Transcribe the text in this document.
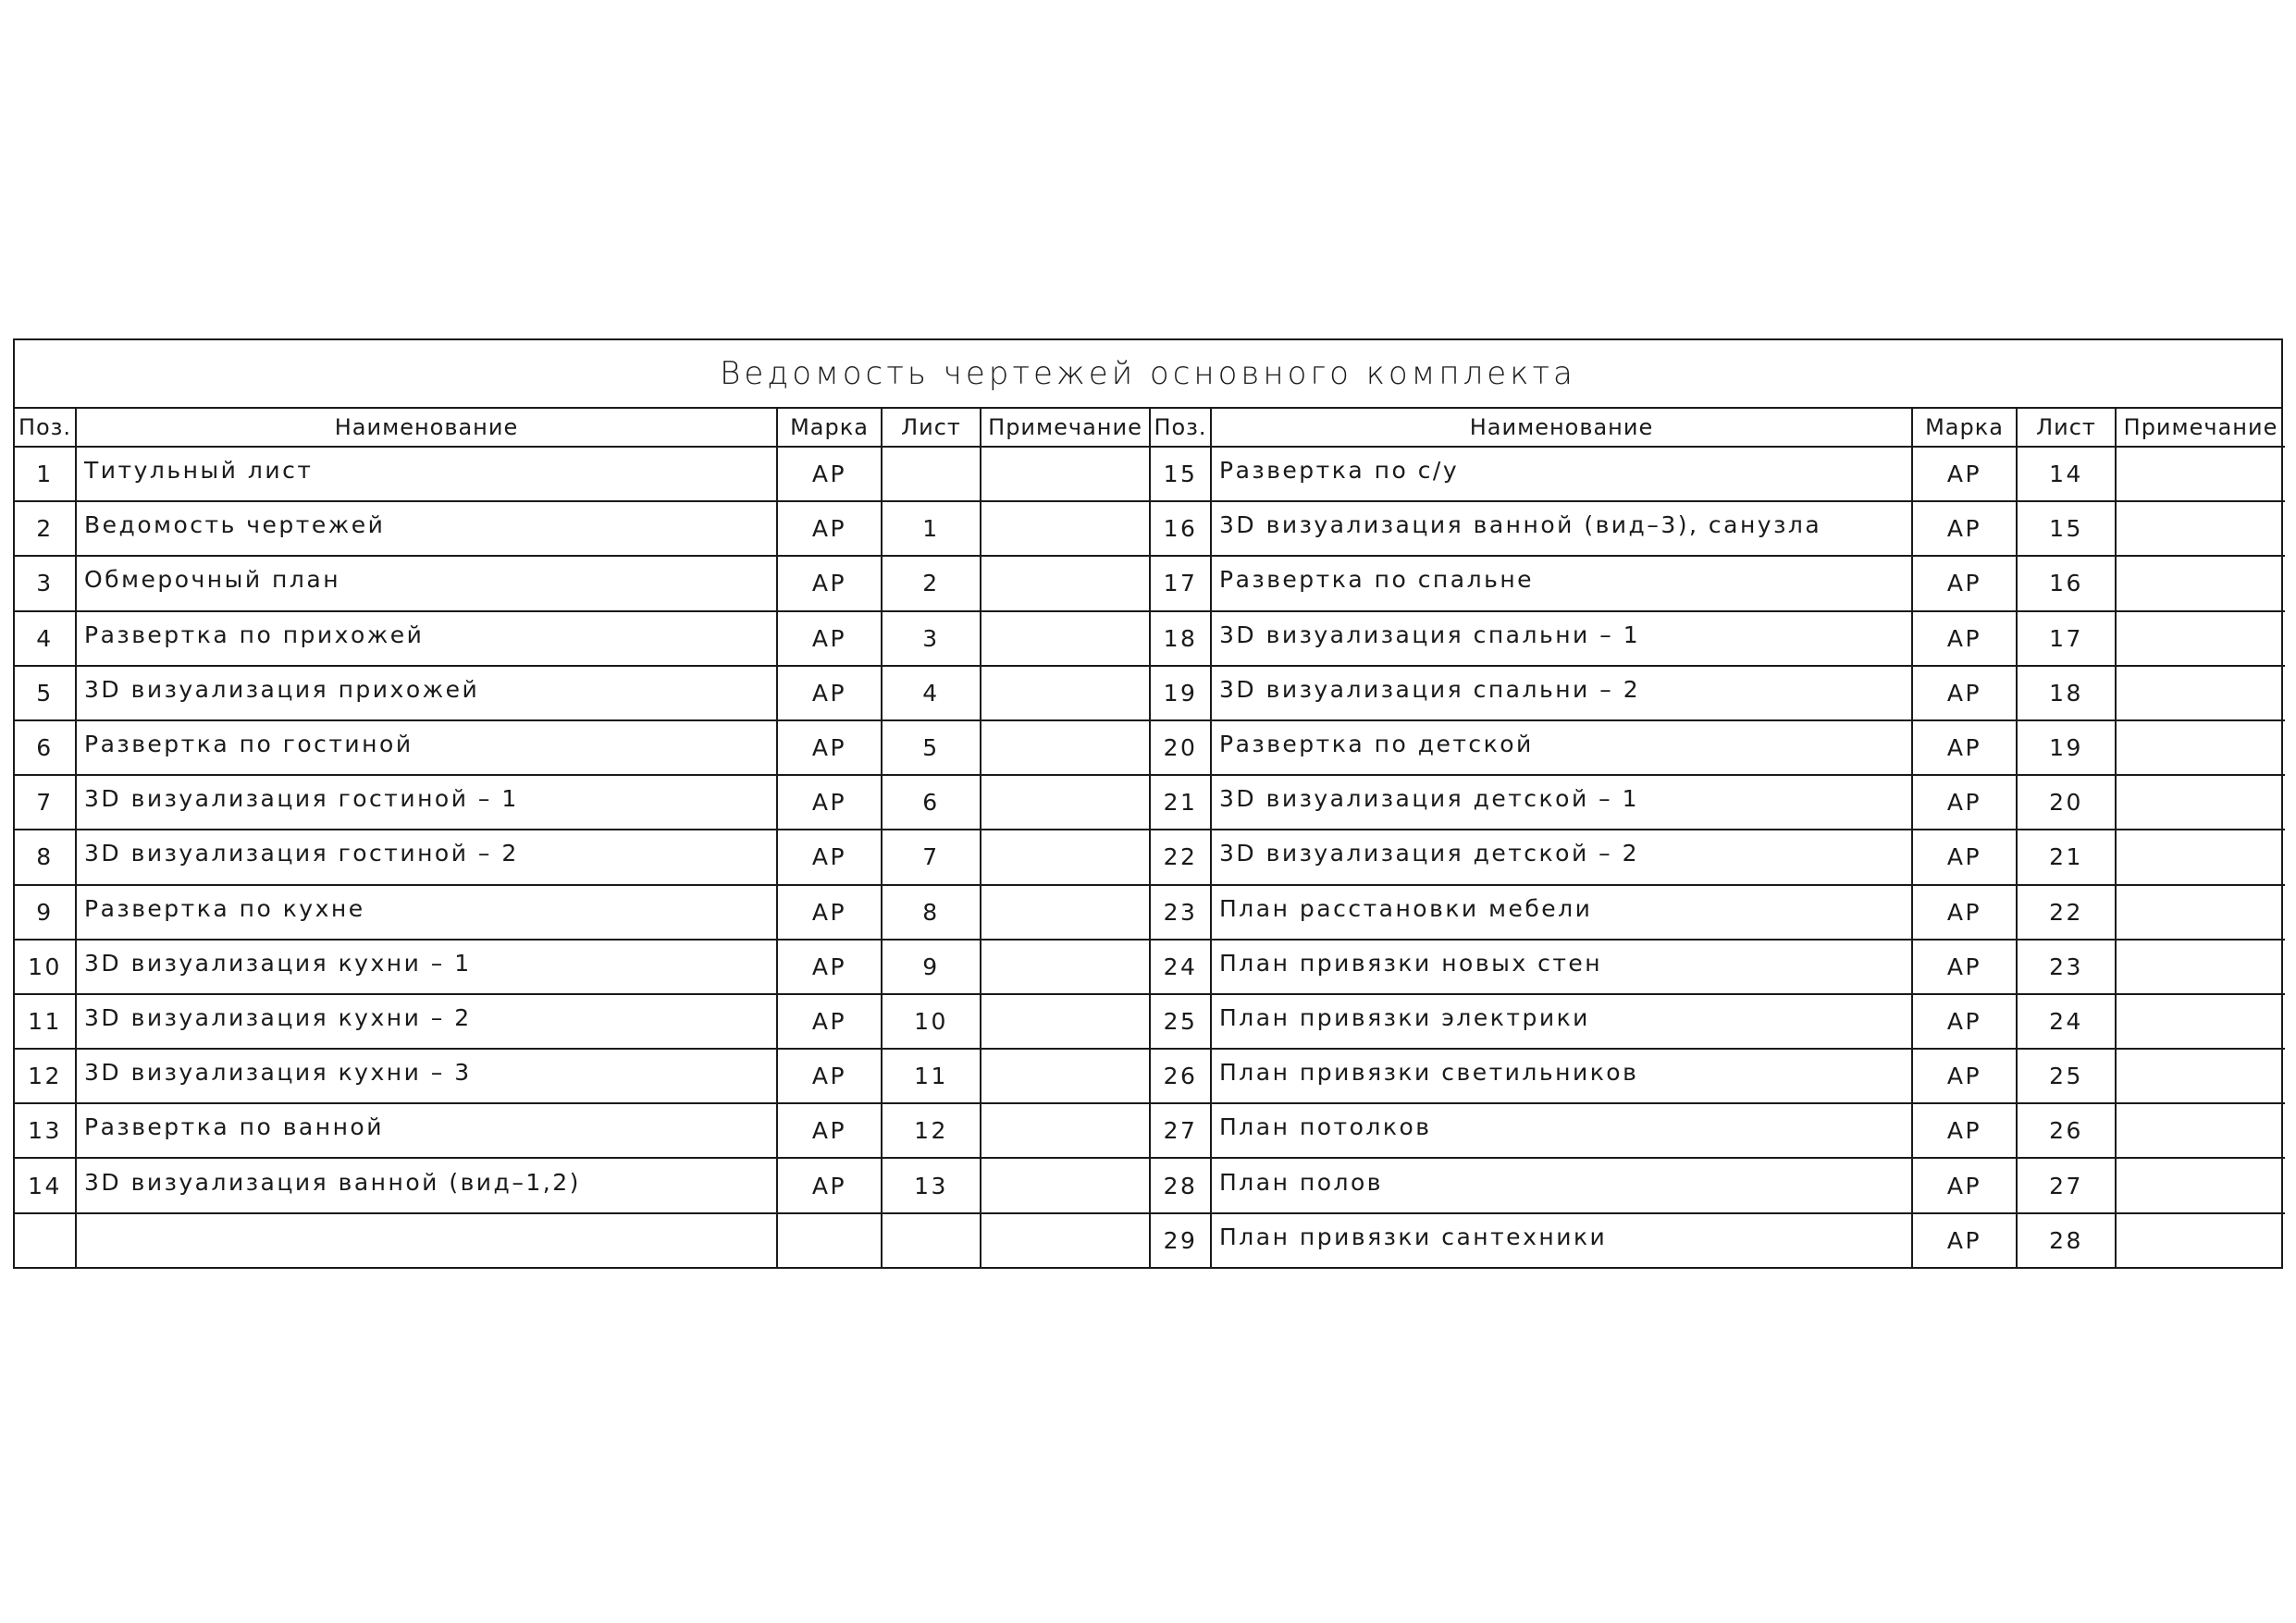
Ведомость чертежей основного комплекта
Поз.	Наименование	Марка	Лист	Примечание	Поз.	Наименование	Марка	Лист	Примечание
1	Титульный лист	АР			15	Развертка по с/у	АР	14	
2	Ведомость чертежей	АР	1		16	3D визуализация ванной (вид–3), санузла	АР	15	
3	Обмерочный план	АР	2		17	Развертка по спальне	АР	16	
4	Развертка по прихожей	АР	3		18	3D визуализация спальни – 1	АР	17	
5	3D визуализация прихожей	АР	4		19	3D визуализация спальни – 2	АР	18	
6	Развертка по гостиной	АР	5		20	Развертка по детской	АР	19	
7	3D визуализация гостиной – 1	АР	6		21	3D визуализация детской – 1	АР	20	
8	3D визуализация гостиной – 2	АР	7		22	3D визуализация детской – 2	АР	21	
9	Развертка по кухне	АР	8		23	План расстановки мебели	АР	22	
10	3D визуализация кухни – 1	АР	9		24	План привязки новых стен	АР	23	
11	3D визуализация кухни – 2	АР	10		25	План привязки электрики	АР	24	
12	3D визуализация кухни – 3	АР	11		26	План привязки светильников	АР	25	
13	Развертка по ванной	АР	12		27	План потолков	АР	26	
14	3D визуализация ванной (вид–1,2)	АР	13		28	План полов	АР	27	
					29	План привязки сантехники	АР	28	
